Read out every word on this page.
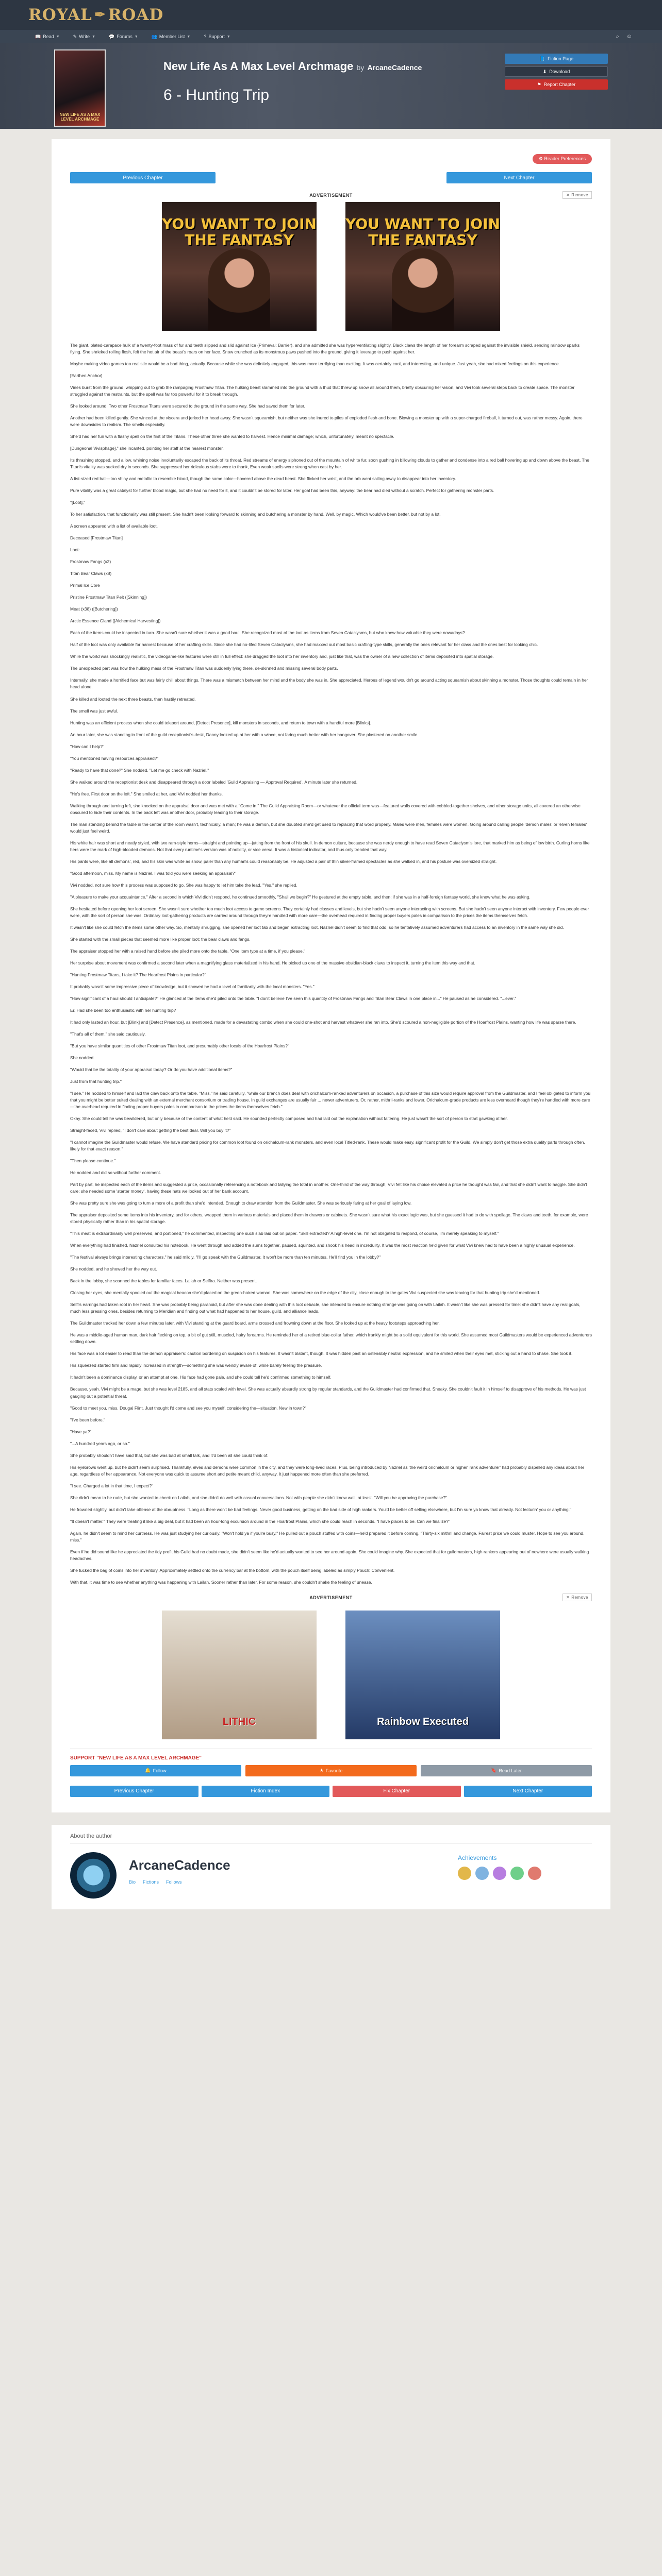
ROYAL ✒ ROAD
📖 Read ▼	✎ Write ▼	💬 Forums ▼	👥 Member List ▼	? Support ▼	⌕ ☺
NEW LIFE AS A MAX LEVEL ARCHMAGE
New Life As A Max Level Archmage by ArcaneCadence
6 - Hunting Trip
📘 Fiction Page
⬇ Download
⚑ Report Chapter
⚙ Reader Preferences
Previous Chapter	Next Chapter
ADVERTISEMENT	✕ Remove
YOU WANT TO JOIN THE FANTASY
YOU WANT TO JOIN THE FANTASY

The giant, plated-carapace hulk of a twenty-foot mass of fur and teeth slipped and slid against Ice (Primeval: Barrier), and she admitted she was hyperventilating slightly. Black claws the length of her forearm scraped against the invisible shield, sending rainbow sparks flying. She shrieked rolling flesh, felt the hot air of the beast's roars on her face. Snow crunched as its monstrous paws pushed into the ground, giving it leverage to push against her.

Maybe making video games too realistic would be a bad thing, actually. Because while she was definitely engaged, this was more terrifying than exciting. It was certainly cool, and interesting, and unique. Just yeah, she had mixed feelings on this experience.

[Earthen Anchor]

Vines burst from the ground, whipping out to grab the rampaging Frostmaw Titan. The hulking beast slammed into the ground with a thud that threw up snow all around them, briefly obscuring her vision, and Vivi took several steps back to create space. The monster struggled against the restraints, but the spell was far too powerful for it to break through.

She looked around. Two other Frostmaw Titans were secured to the ground in the same way. She had saved them for later.

Another had been killed gently. She winced at the viscera and jerked her head away. She wasn't squeamish, but neither was she inured to piles of exploded flesh and bone. Blowing a monster up with a super-charged fireball, it turned out, was rather messy. Again, there were downsides to realism. The smells especially.

She'd had her fun with a flashy spell on the first of the Titans. These other three she wanted to harvest. Hence minimal damage; which, unfortunately, meant no spectacle.

[Dungeonal Vivisphage]," she incanted, pointing her staff at the nearest monster.

Its thrashing stopped, and a low, whining noise involuntarily escaped the back of its throat. Red streams of energy siphoned out of the mountain of white fur, soon gushing in billowing clouds to gather and condense into a red ball hovering up and down above the beast. The Titan's vitality was sucked dry in seconds. She suppressed her ridiculous stabs were to thank, Even weak spells were strong when cast by her.

A fist-sized red ball—too shiny and metallic to resemble blood, though the same color—hovered above the dead beast. She flicked her wrist, and the orb went sailing away to disappear into her inventory.

Pure vitality was a great catalyst for further blood magic, but she had no need for it, and it couldn't be stored for later. Her goal had been this, anyway: the bear had died without a scratch. Perfect for gathering monster parts.

"[Loot],"

To her satisfaction, that functionality was still present. She hadn't been looking forward to skinning and butchering a monster by hand. Well, by magic. Which would've been better, but not by a lot.

A screen appeared with a list of available loot.

Deceased [Frostmaw Titan]

Loot:

Frostmaw Fangs (x2)

Titan Bear Claws (x8)

Primal Ice Core

Pristine Frostmaw Titan Pelt ([Skinning])

Meat (x38) ([Butchering])

Arctic Essence Gland ([Alchemical Harvesting])

Each of the items could be inspected in turn. She wasn't sure whether it was a good haul. She recognized most of the loot as items from Seven Cataclysms, but who knew how valuable they were nowadays?

Half of the loot was only available for harvest because of her crafting skills. Since she had no-lifed Seven Cataclysms, she had maxxed out most basic crafting-type skills, generally the ones relevant for her class and the ones best for looking chic.

While the world was shockingly realistic, the videogame-like features were still in full effect: she dragged the loot into her inventory and, just like that, was the owner of a new collection of items deposited into spatial storage.

The unexpected part was how the hulking mass of the Frostmaw Titan was suddenly lying there, de-skinned and missing several body parts.

Internally, she made a horrified face but was fairly chill about things. There was a mismatch between her mind and the body she was in. She appreciated. Heroes of legend wouldn't go around acting squeamish about skinning a monster. Those thoughts could remain in her head alone.

She killed and looted the next three beasts, then hastily retreated.

The smell was just awful.

Hunting was an efficient process when she could teleport around, [Detect Presence], kill monsters in seconds, and return to town with a handful more [Blinks].

An hour later, she was standing in front of the guild receptionist's desk, Danny looked up at her with a wince, not faring much better with her hangover. She plastered on another smile.

"How can I help?"

"You mentioned having resources appraised?"

"Ready to have that done?" She nodded. "Let me go check with Nazriel."

She walked around the receptionist desk and disappeared through a door labeled 'Guild Appraising — Approval Required'. A minute later she returned.

"He's free. First door on the left." She smiled at her, and Vivi nodded her thanks.

Walking through and turning left, she knocked on the appraisal door and was met with a "Come in." The Guild Appraising Room—or whatever the official term was—featured walls covered with cobbled-together shelves, and other storage units, all covered an otherwise obscured to hide their contents. In the back left was another door, probably leading to their storage.

The man standing behind the table in the center of the room wasn't, technically, a man; he was a demon, but she doubted she'd get used to replacing that word properly. Males were men, females were women. Going around calling people 'demon males' or 'elven females' would just feel weird.

His white hair was short and neatly styled, with two ram-style horns—straight and pointing up—jutting from the front of his skull. In demon culture, because she was nerdy enough to have read Seven Cataclysm's lore, that marked him as being of low birth. Curling horns like hers were the mark of high-blooded demons. Not that every runtime's version was of nobility, or vice versa. It was a historical indicator, and thus only trended that way.

His pants were, like all demons', red, and his skin was white as snow, paler than any human's could reasonably be. He adjusted a pair of thin silver-framed spectacles as she walked in, and his posture was oversized straight.

"Good afternoon, miss. My name is Nazriel. I was told you were seeking an appraisal?"

Vivi nodded, not sure how this process was supposed to go. She was happy to let him take the lead. "Yes," she replied.

"A pleasure to make your acquaintance." After a second in which Vivi didn't respond, he continued smoothly, "Shall we begin?" He gestured at the empty table, and then: if she was in a half-foreign fantasy world, she knew what he was asking.

She hesitated before opening her loot screen. She wasn't sure whether too much loot access to game screens. They certainly had classes and levels, but she hadn't seen anyone interacting with screens. But she hadn't seen anyone interact with inventory. Few people ever were, with the sort of person she was. Ordinary loot-gathering products are carried around through theyre handled with more care—the overhead required in finding proper buyers pales in comparison to the prices the items themselves fetch.

It wasn't like she could fetch the items some other way. So, mentally shrugging, she opened her loot tab and began extracting loot. Nazriel didn't seem to find that odd, so he tentatively assumed adventurers had access to an inventory in the same way she did.

She started with the small pieces that seemed more like proper loot: the bear claws and fangs.

The appraiser stopped her with a raised hand before she piled more onto the table. "One item type at a time, if you please."

Her surprise about movement was confirmed a second later when a magnifying glass materialized in his hand. He picked up one of the massive obsidian-black claws to inspect it, turning the item this way and that.

"Hunting Frostmaw Titans, I take it? The Hoarfrost Plains in particular?"

It probably wasn't some impressive piece of knowledge, but it showed he had a level of familiarity with the local monsters. "Yes."

"How significant of a haul should I anticipate?" He glanced at the items she'd piled onto the table. "I don't believe I've seen this quantity of Frostmaw Fangs and Titan Bear Claws in one place in..." He paused as he considered. "...ever."

Er. Had she been too enthusiastic with her hunting trip?

It had only lasted an hour, but [Blink] and [Detect Presence], as mentioned, made for a devastating combo when she could one-shot and harvest whatever she ran into. She'd scoured a non-negligible portion of the Hoarfrost Plains, wanting how life was sparse there.

"That's all of them," she said cautiously.

"But you have similar quantities of other Frostmaw Titan loot, and presumably other locals of the Hoarfrost Plains?"

She nodded.

"Would that be the totality of your appraisal today? Or do you have additional items?"

Just from that hunting trip."

"I see." He nodded to himself and laid the claw back onto the table. "Miss," he said carefully, "while our branch does deal with orichalcum-ranked adventurers on occasion, a purchase of this size would require approval from the Guildmaster, and I feel obligated to inform you that you might be better suited dealing with an external merchant consortium or trading house. In guild exchanges are usually fair ... newer adventurers. Or, rather, mithril-ranks and lower. Orichalcum-grade products are less overheard though they're handled with more care—the overhead required in finding proper buyers pales in comparison to the prices the items themselves fetch."

Okay. She could tell he was bewildered, but only because of the content of what he'd said. He sounded perfectly composed and had laid out the explanation without faltering. He just wasn't the sort of person to start gawking at her.

Straight-faced, Vivi replied, "I don't care about getting the best deal. Will you buy it?"

"I cannot imagine the Guildmaster would refuse. We have standard pricing for common loot found on orichalcum-rank monsters, and even local Titled-rank. These would make easy, significant profit for the Guild. We simply don't get those extra quality parts through often, likely for that exact reason."

"Then please continue."

He nodded and did so without further comment.

Part by part, he inspected each of the items and suggested a price, occasionally referencing a notebook and tallying the total in another. One-third of the way through, Vivi felt like his choice elevated a price he thought was fair, and that she didn't want to haggle. She didn't care; she needed some 'starter money', having these hats we looked out of her bank account.

She was pretty sure she was going to turn a more of a profit than she'd intended. Enough to draw attention from the Guildmaster. She was seriously faring at her goal of laying low.

The appraiser deposited some items into his inventory, and for others, wrapped them in various materials and placed them in drawers or cabinets. She wasn't sure what his exact logic was, but she guessed it had to do with spoilage. The claws and teeth, for example, were stored physically rather than in his spatial storage.

"This meat is extraordinarily well preserved, and portioned," he commented, inspecting one such slab laid out on paper. "Skill extracted? A high-level one. I'm not obligated to respond, of course, I'm merely speaking to myself."

When everything had finished, Nazriel consulted his notebook. He went through and added the sums together, paused, squinted, and shook his head in incredulity. It was the most reaction he'd given for what Vivi knew had to have been a highly unusual experience.

"The festival always brings interesting characters," he said mildly. "I'll go speak with the Guildmaster. It won't be more than ten minutes. He'll find you in the lobby?"

She nodded, and he showed her the way out.

Back in the lobby, she scanned the tables for familiar faces. Lailah or Selfira. Neither was present.

Closing her eyes, she mentally spooled out the magical beacon she'd placed on the green-haired woman. She was somewhere on the edge of the city, close enough to the gates Vivi suspected she was leaving for that hunting trip she'd mentioned.

Selfi's earrings had taken root in her heart. She was probably being paranoid, but after she was done dealing with this loot debacle, she intended to ensure nothing strange was going on with Lailah. It wasn't like she was pressed for time: she didn't have any real goals, much less pressing ones, besides returning to Meridian and finding out what had happened to her house, guild, and alliance leads.

The Guildmaster tracked her down a few minutes later, with Vivi standing at the guard board, arms crossed and frowning down at the floor. She looked up at the heavy footsteps approaching her.

He was a middle-aged human man, dark hair flecking on top, a bit of gut still, muscled, hairy forearms. He reminded her of a retired blue-collar father, which frankly might be a solid equivalent for this world. She assumed most Guildmasters would be experienced adventurers settling down.

His face was a lot easier to read than the demon appraiser's: caution bordering on suspicion on his features. It wasn't blatant, though. It was hidden past an ostensibly neutral expression, and he smiled when their eyes met, sticking out a hand to shake. She took it.

His squeezed started firm and rapidly increased in strength—something she was weirdly aware of, while barely feeling the pressure.

It hadn't been a dominance display, or an attempt at one. His face had gone pale, and she could tell he'd confirmed something to himself.

Because, yeah. Vivi might be a mage, but she was level 2185, and all stats scaled with level. She was actually absurdly strong by regular standards, and the Guildmaster had confirmed that. Sneaky. She couldn't fault it in himself to disapprove of his methods. He was just gauging out a potential threat.

"Good to meet you, miss. Dougal Flint. Just thought I'd come and see you myself, considering the—situation. New in town?"

"I've been before."

"Have ya?"

"...A hundred years ago, or so."

She probably shouldn't have said that, but she was bad at small talk, and it'd been all she could think of.

His eyebrows went up, but he didn't seem surprised. Thankfully, elves and demons were common in the city, and they were long-lived races. Plus, being introduced by Nazriel as 'the weird orichalcum or higher' rank adventurer' had probably dispelled any ideas about her age, regardless of her appearance. Not everyone was quick to assume short and petite meant child, anyway. It just happened more often than she preferred.

"I see. Charged a lot in that time, I expect?"

She didn't mean to be rude, but she wanted to check on Lailah, and she didn't do well with casual conversations. Not with people she didn't know well, at least. "Will you be approving the purchase?"

He frowned slightly, but didn't take offense at the abruptness. "Long as there won't be bad feelings. Never good business, getting on the bad side of high rankers. You'd be better off selling elsewhere, but I'm sure ya know that already. Not lecturin' you or anything."

"It doesn't matter." They were treating it like a big deal, but it had been an hour-long excursion around in the Hoarfrost Plains, which she could reach in seconds. "I have places to be. Can we finalize?"

Again, he didn't seem to mind her curtness. He was just studying her curiously. "Won't hold ya if you're busy." He pulled out a pouch stuffed with coins—he'd prepared it before coming. "Thirty-six mithril and change. Fairest price we could muster. Hope to see you around, miss."

Even if he did sound like he appreciated the tidy profit his Guild had no doubt made, she didn't seem like he'd actually wanted to see her around again. She could imagine why. She expected that for guildmasters, high rankers appearing out of nowhere were usually walking headaches.

She tucked the bag of coins into her inventory. Approximately settled onto the currency bar at the bottom, with the pouch itself being labeled as simply Pouch: Convenient.

With that, it was time to see whether anything was happening with Lailah. Sooner rather than later. For some reason, she couldn't shake the feeling of unease.

ADVERTISEMENT	✕ Remove
LITHIC	Rainbow Executed
SUPPORT "NEW LIFE AS A MAX LEVEL ARCHMAGE"
🔔 Follow	★ Favorite	🔖 Read Later
Previous Chapter	Fiction Index	Fix Chapter	Next Chapter
About the author
ArcaneCadence
Bio Fictions Follows
Achievements
